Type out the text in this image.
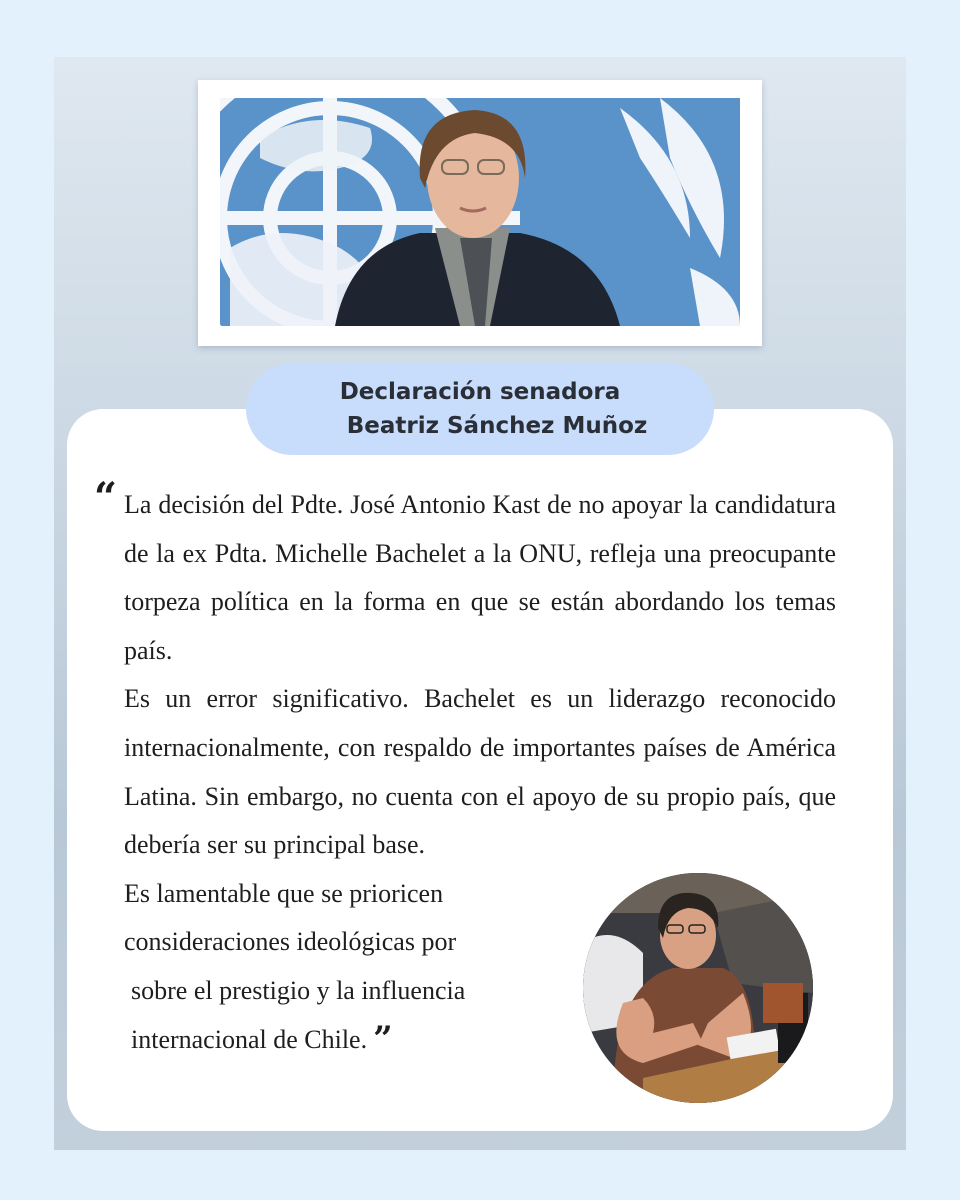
Declaración senadora
Beatriz Sánchez Muñoz
“ La decisión del Pdte. José Antonio Kast de no apoyar la candidatura de la ex Pdta. Michelle Bachelet a la ONU, refleja una preocupante torpeza política en la forma en que se están abordando los temas país.

Es un error significativo. Bachelet es un liderazgo reconocido internacionalmente, con respaldo de importantes países de América Latina. Sin embargo, no cuenta con el apoyo de su propio país, que debería ser su principal base.

Es lamentable que se prioricen

consideraciones ideológicas por

sobre el prestigio y la influencia

internacional de Chile. ”
